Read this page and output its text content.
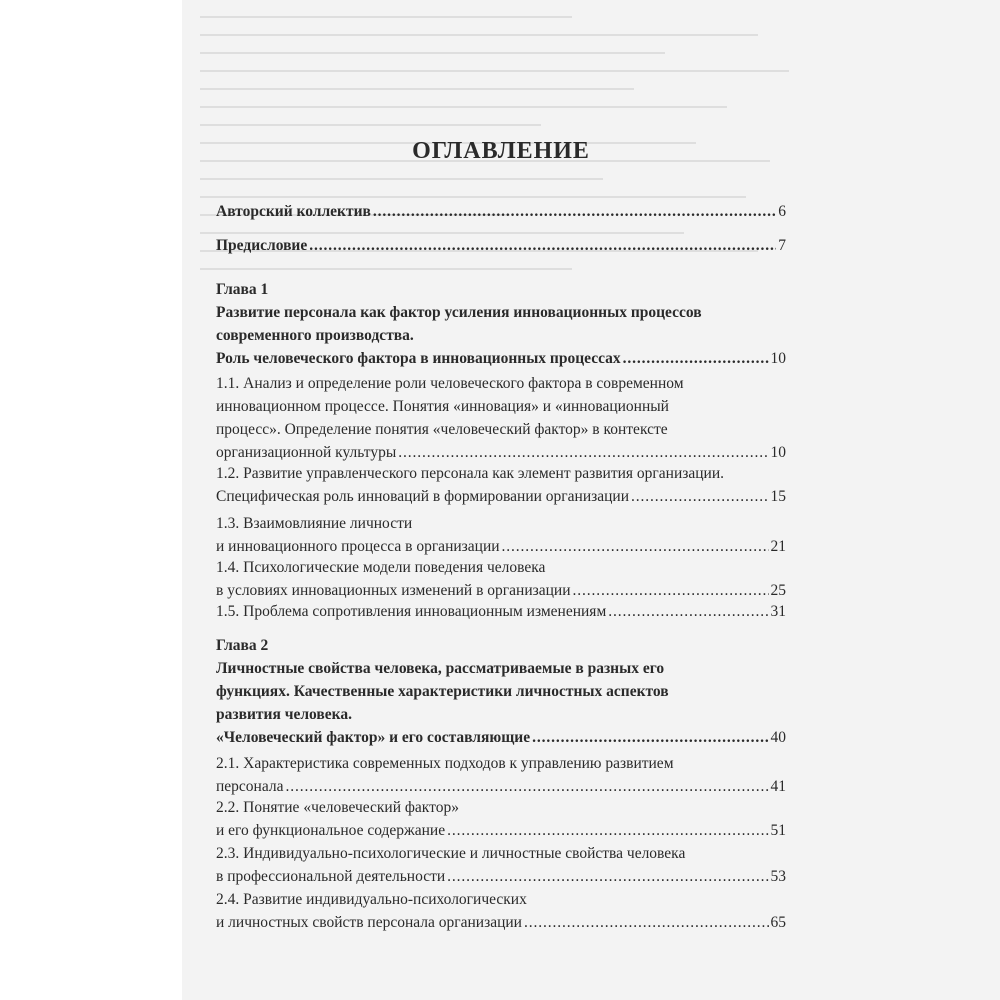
ОГЛАВЛЕНИЕ
Авторский коллектив . . .	6
Предисловие . . .	7
Глава 1
Развитие персонала как фактор усиления инновационных процессов
современного производства.
Роль человеческого фактора в инновационных процессах . . .	10
1.1. Анализ и определение роли человеческого фактора в современном
инновационном процессе. Понятия «инновация» и «инновационный
процесс». Определение понятия «человеческий фактор» в контексте
организационной культуры . . .	10
1.2. Развитие управленческого персонала как элемент развития организации.
Специфическая роль инноваций в формировании организации . . .	15
1.3. Взаимовлияние личности
и инновационного процесса в организации . . .	21
1.4. Психологические модели поведения человека
в условиях инновационных изменений в организации . . .	25
1.5. Проблема сопротивления инновационным изменениям . . .	31
Глава 2
Личностные свойства человека, рассматриваемые в разных его
функциях. Качественные характеристики личностных аспектов
развития человека.
«Человеческий фактор» и его составляющие . . .	40
2.1. Характеристика современных подходов к управлению развитием
персонала . . .	41
2.2. Понятие «человеческий фактор»
и его функциональное содержание . . .	51
2.3. Индивидуально-психологические и личностные свойства человека
в профессиональной деятельности . . .	53
2.4. Развитие индивидуально-психологических
и личностных свойств персонала организации . . .	65
